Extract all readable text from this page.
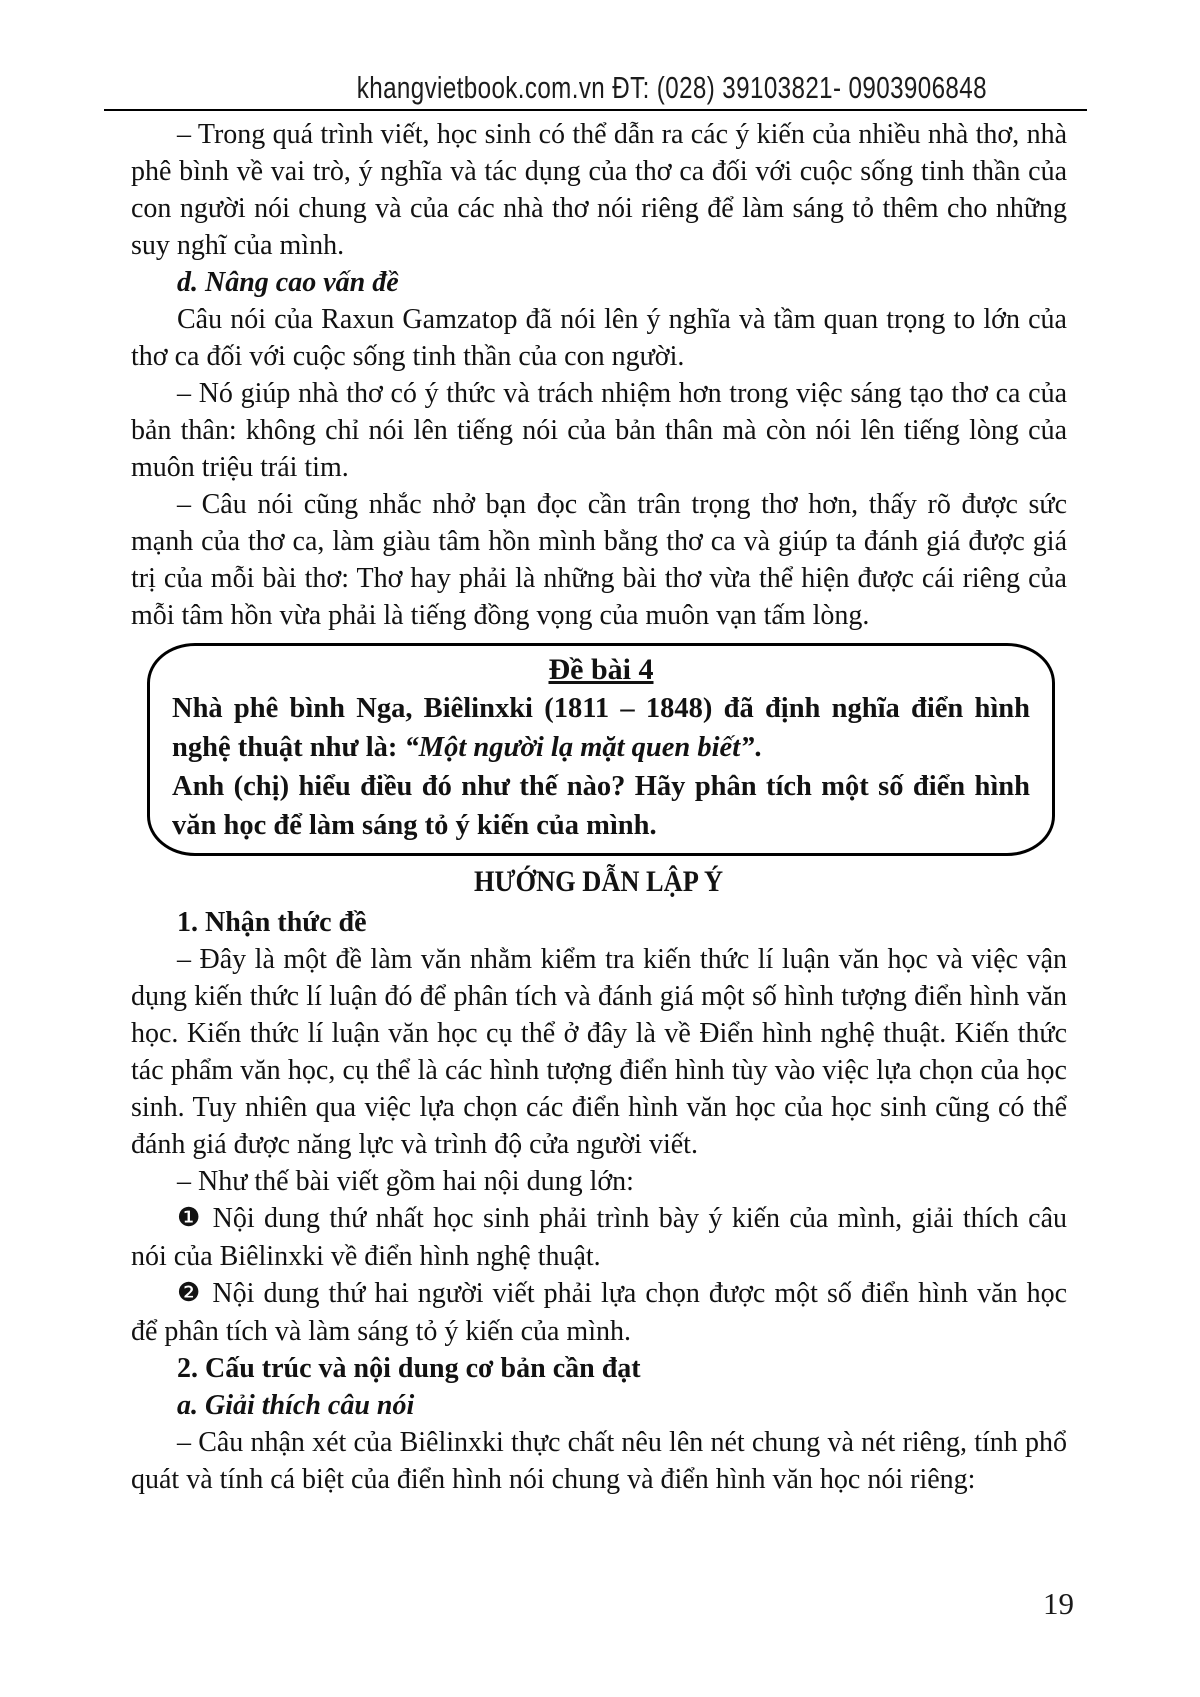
khangvietbook.com.vn ĐT: (028) 39103821- 0903906848

– Trong quá trình viết, học sinh có thể dẫn ra các ý kiến của nhiều nhà thơ, nhà phê bình về vai trò, ý nghĩa và tác dụng của thơ ca đối với cuộc sống tinh thần của con người nói chung và của các nhà thơ nói riêng để làm sáng tỏ thêm cho những suy nghĩ của mình.

d. Nâng cao vấn đề

Câu nói của Raxun Gamzatop đã nói lên ý nghĩa và tầm quan trọng to lớn của thơ ca đối với cuộc sống tinh thần của con người.

– Nó giúp nhà thơ có ý thức và trách nhiệm hơn trong việc sáng tạo thơ ca của bản thân: không chỉ nói lên tiếng nói của bản thân mà còn nói lên tiếng lòng của muôn triệu trái tim.

– Câu nói cũng nhắc nhở bạn đọc cần trân trọng thơ hơn, thấy rõ được sức mạnh của thơ ca, làm giàu tâm hồn mình bằng thơ ca và giúp ta đánh giá được giá trị của mỗi bài thơ: Thơ hay phải là những bài thơ vừa thể hiện được cái riêng của mỗi tâm hồn vừa phải là tiếng đồng vọng của muôn vạn tấm lòng.

Đề bài 4

Nhà phê bình Nga, Biêlinxki (1811 – 1848) đã định nghĩa điển hình nghệ thuật như là: “Một người lạ mặt quen biết”.

Anh (chị) hiểu điều đó như thế nào? Hãy phân tích một số điển hình văn học để làm sáng tỏ ý kiến của mình.

HƯỚNG DẪN LẬP Ý

1. Nhận thức đề

– Đây là một đề làm văn nhằm kiểm tra kiến thức lí luận văn học và việc vận dụng kiến thức lí luận đó để phân tích và đánh giá một số hình tượng điển hình văn học. Kiến thức lí luận văn học cụ thể ở đây là về Điển hình nghệ thuật. Kiến thức tác phẩm văn học, cụ thể là các hình tượng điển hình tùy vào việc lựa chọn của học sinh. Tuy nhiên qua việc lựa chọn các điển hình văn học của học sinh cũng có thể đánh giá được năng lực và trình độ cửa người viết.

– Như thế bài viết gồm hai nội dung lớn:

❶ Nội dung thứ nhất học sinh phải trình bày ý kiến của mình, giải thích câu nói của Biêlinxki về điển hình nghệ thuật.

❷ Nội dung thứ hai người viết phải lựa chọn được một số điển hình văn học để phân tích và làm sáng tỏ ý kiến của mình.

2. Cấu trúc và nội dung cơ bản cần đạt

a. Giải thích câu nói

– Câu nhận xét của Biêlinxki thực chất nêu lên nét chung và nét riêng, tính phổ quát và tính cá biệt của điển hình nói chung và điển hình văn học nói riêng:

19
